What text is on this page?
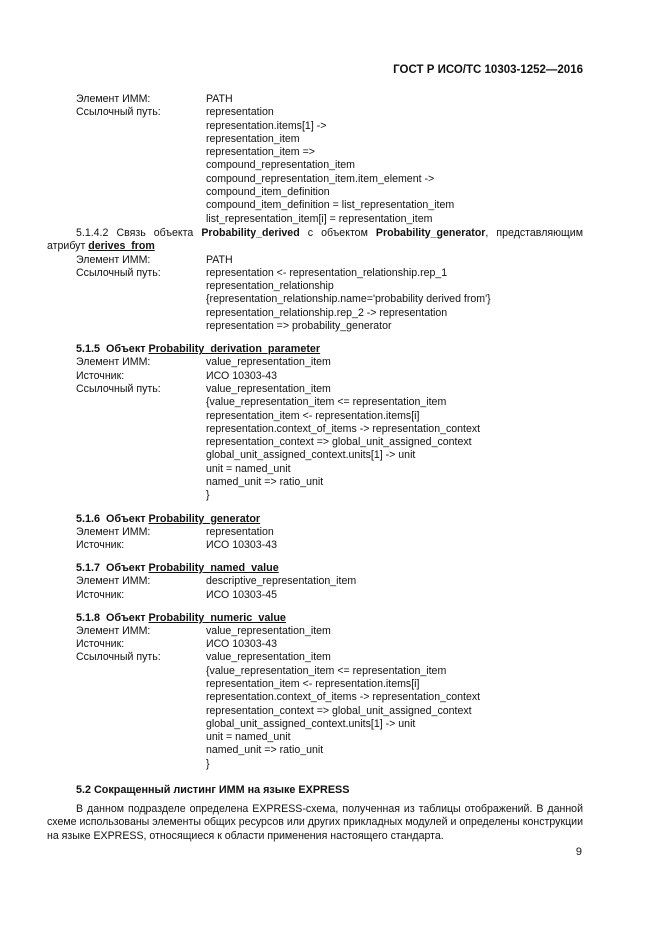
ГОСТ Р ИСО/ТС 10303-1252—2016
Элемент ИММ:	PATH
Ссылочный путь:	representation
representation.items[1] ->
representation_item
representation_item =>
compound_representation_item
compound_representation_item.item_element ->
compound_item_definition
compound_item_definition = list_representation_item
list_representation_item[i] = representation_item
5.1.4.2 Связь объекта Probability_derived с объектом Probability_generator, представляющим атрибут derives_from
Элемент ИММ:	PATH
Ссылочный путь:	representation <- representation_relationship.rep_1
representation_relationship
{representation_relationship.name='probability derived from'}
representation_relationship.rep_2 -> representation
representation => probability_generator
5.1.5 Объект Probability_derivation_parameter
Элемент ИММ:	value_representation_item
Источник:	ИСО 10303-43
Ссылочный путь:	value_representation_item
{value_representation_item <= representation_item
representation_item <- representation.items[i]
representation.context_of_items -> representation_context
representation_context => global_unit_assigned_context
global_unit_assigned_context.units[1] -> unit
unit = named_unit
named_unit => ratio_unit
}
5.1.6 Объект Probability_generator
Элемент ИММ:	representation
Источник:	ИСО 10303-43
5.1.7 Объект Probability_named_value
Элемент ИММ:	descriptive_representation_item
Источник:	ИСО 10303-45
5.1.8 Объект Probability_numeric_value
Элемент ИММ:	value_representation_item
Источник:	ИСО 10303-43
Ссылочный путь:	value_representation_item
{value_representation_item <= representation_item
representation_item <- representation.items[i]
representation.context_of_items -> representation_context
representation_context => global_unit_assigned_context
global_unit_assigned_context.units[1] -> unit
unit = named_unit
named_unit => ratio_unit
}
5.2 Сокращенный листинг ИММ на языке EXPRESS
В данном подразделе определена EXPRESS-схема, полученная из таблицы отображений. В данной схеме использованы элементы общих ресурсов или других прикладных модулей и определены конструкции на языке EXPRESS, относящиеся к области применения настоящего стандарта.
9
